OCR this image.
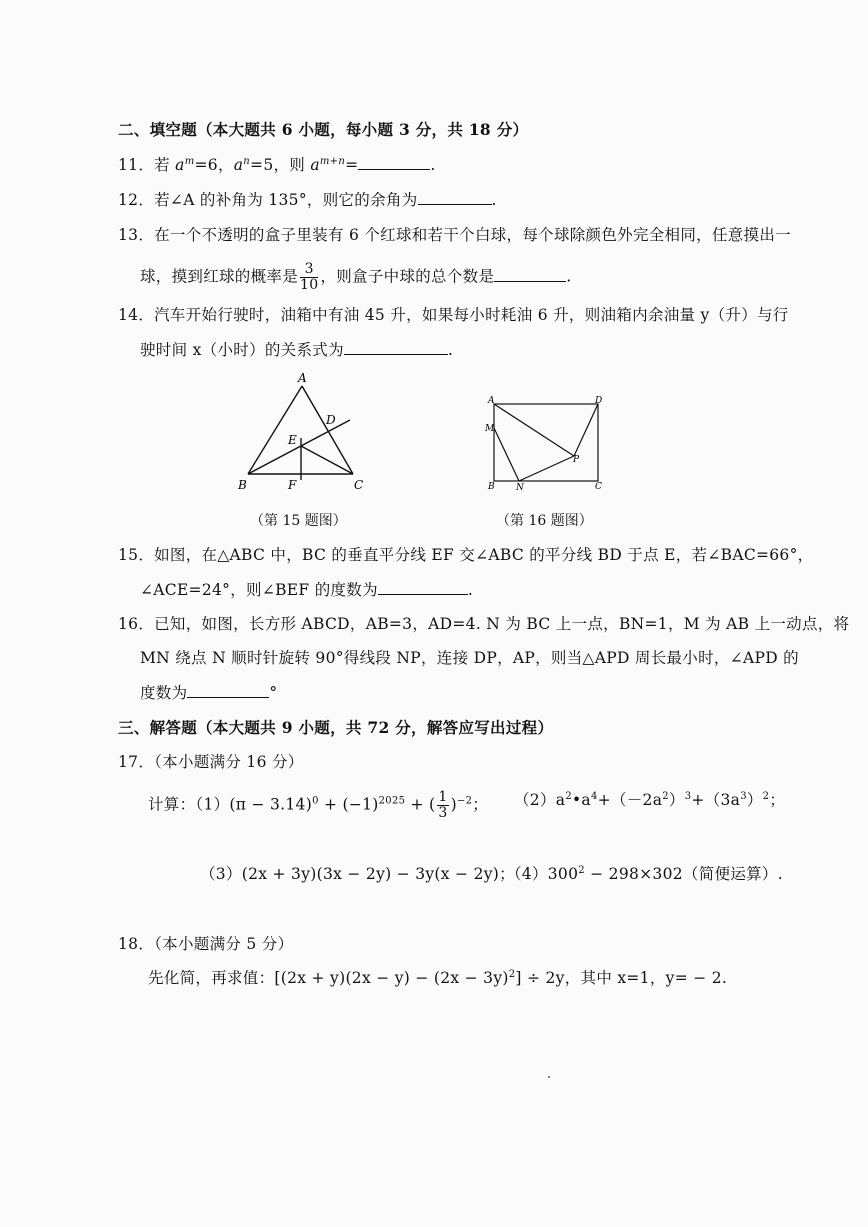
二、填空题（本大题共 6 小题，每小题 3 分，共 18 分）
11．若 $a^m=6$，$a^n=5$，则 $a^{m+n}=$	.
12．若∠A 的补角为 135°，则它的余角为	.
13．在一个不透明的盒子里装有 6 个红球和若干个白球，每个球除颜色外完全相同，任意摸出一
球，摸到红球的概率是 $\frac{3}{10}$ ，则盒子中球的总个数是	.
14．汽车开始行驶时，油箱中有油 45 升，如果每小时耗油 6 升，则油箱内余油量 y（升）与行
驶时间 x（小时）的关系式为	.
A
B	C
D
E
F
（第 15 题图）
A	D
M
B N
P
C
（第 16 题图）
15．如图，在△ABC 中，BC 的垂直平分线 EF 交∠ABC 的平分线 BD 于点 E，若∠BAC=66°，
∠ACE=24°，则∠BEF 的度数为	.
16．已知，如图，长方形 ABCD，AB=3，AD=4. N 为 BC 上一点，BN=1，M 为 AB 上一动点，将
MN 绕点 N 顺时针旋转 90°得线段 NP，连接 DP，AP，则当△APD 周长最小时，∠APD 的
度数为	°
三、解答题（本大题共 9 小题，共 72 分，解答应写出过程）
17．（本小题满分 16 分）
计算：$(1)(\pi - 3.14)^0 + (-1)^{2025}$ + ( $\frac{1}{3} )^{-2}$； $(2)a^2•a^4+(-2a^2)^3+(3a^3)^2$；
（3）(2x + 3y)(3x − 2y) − 3y(x − 2y)；
$(4)300^2 - 298\times 302$（简便运算）.
18．（本小题满分 5 分）
先化简，再求值：$[(2x + y)(2x - y) - (2x - 3y)^2] \div 2y$，其中 x=1，y= − 2.
